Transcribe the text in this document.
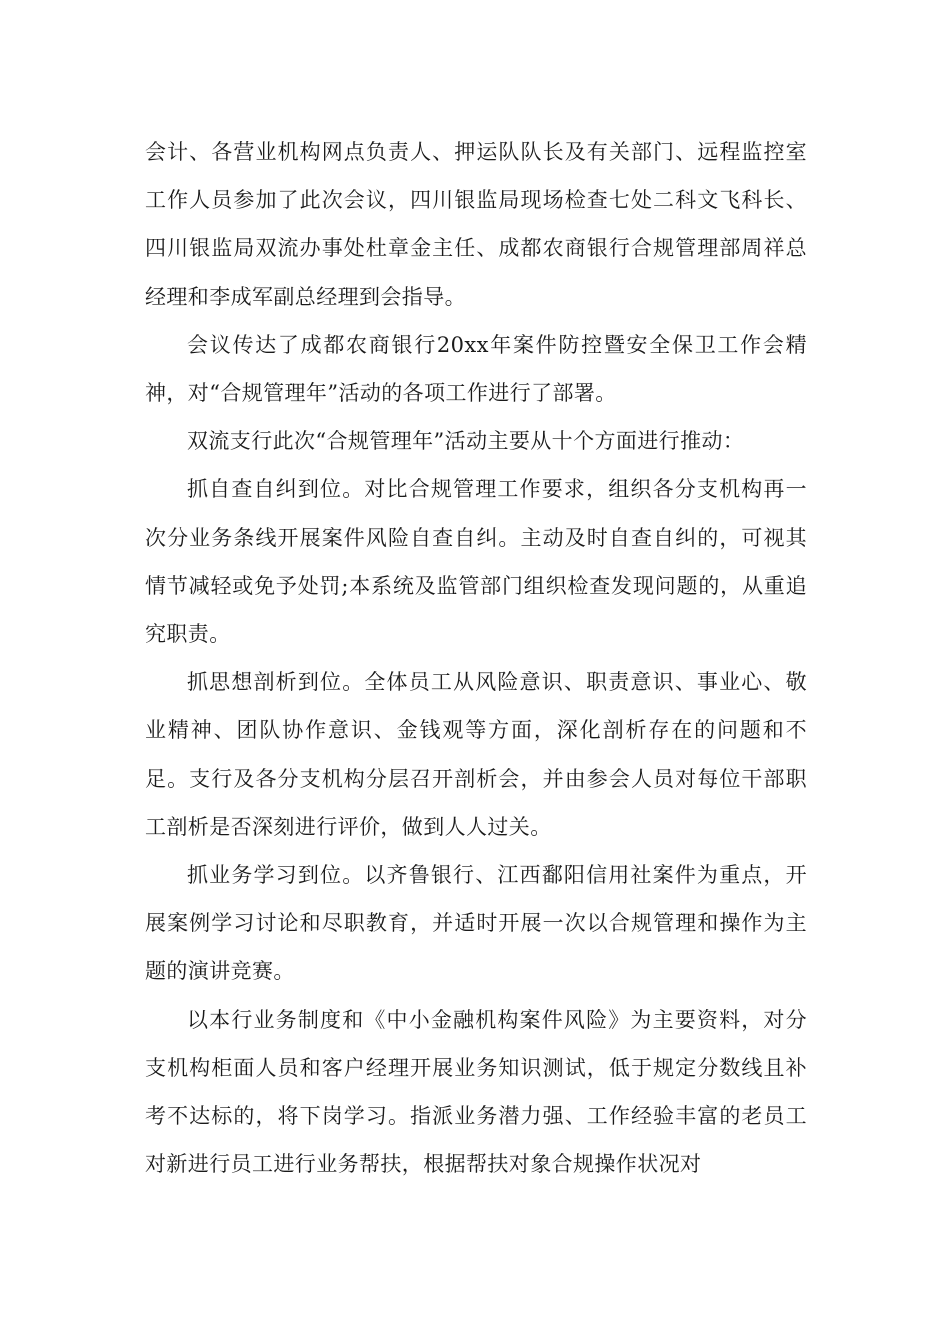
会计、各营业机构网点负责人、押运队队长及有关部门、远程监控室工作人员参加了此次会议，四川银监局现场检查七处二科文飞科长、四川银监局双流办事处杜章金主任、成都农商银行合规管理部周祥总经理和李成军副总经理到会指导。

会议传达了成都农商银行20xx年案件防控暨安全保卫工作会精神，对“合规管理年”活动的各项工作进行了部署。

双流支行此次“合规管理年”活动主要从十个方面进行推动：

抓自查自纠到位。对比合规管理工作要求，组织各分支机构再一次分业务条线开展案件风险自查自纠。主动及时自查自纠的，可视其情节减轻或免予处罚;本系统及监管部门组织检查发现问题的，从重追究职责。

抓思想剖析到位。全体员工从风险意识、职责意识、事业心、敬业精神、团队协作意识、金钱观等方面，深化剖析存在的问题和不足。支行及各分支机构分层召开剖析会，并由参会人员对每位干部职工剖析是否深刻进行评价，做到人人过关。

抓业务学习到位。以齐鲁银行、江西鄱阳信用社案件为重点，开展案例学习讨论和尽职教育，并适时开展一次以合规管理和操作为主题的演讲竞赛。

以本行业务制度和《中小金融机构案件风险》为主要资料，对分支机构柜面人员和客户经理开展业务知识测试，低于规定分数线且补考不达标的，将下岗学习。指派业务潜力强、工作经验丰富的老员工对新进行员工进行业务帮扶，根据帮扶对象合规操作状况对
